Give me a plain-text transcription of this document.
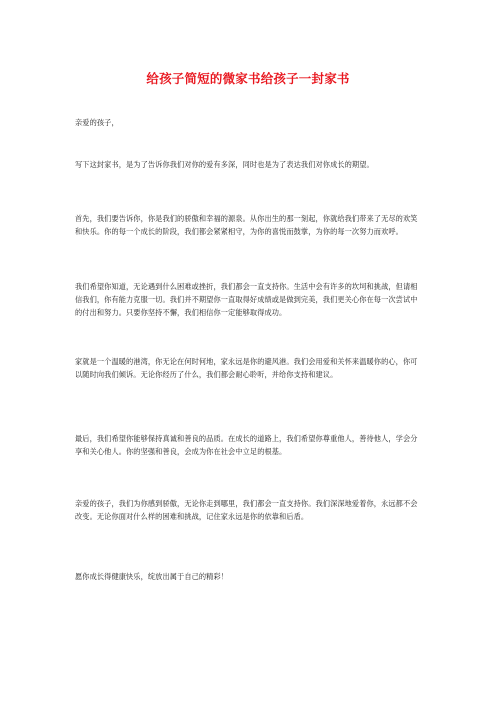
给孩子简短的微家书给孩子一封家书

亲爱的孩子，

写下这封家书，是为了告诉你我们对你的爱有多深，同时也是为了表达我们对你成长的期望。

首先，我们要告诉你，你是我们的骄傲和幸福的源泉。从你出生的那一刻起，你就给我们带来了无尽的欢笑和快乐。你的每一个成长的阶段，我们都会紧紧相守，为你的喜悦而鼓掌，为你的每一次努力而欢呼。

我们希望你知道，无论遇到什么困难或挫折，我们都会一直支持你。生活中会有许多的坎坷和挑战，但请相信我们，你有能力克服一切。我们并不期望你一直取得好成绩或是做到完美，我们更关心你在每一次尝试中的付出和努力。只要你坚持不懈，我们相信你一定能够取得成功。

家就是一个温暖的港湾，你无论在何时何地，家永远是你的避风港。我们会用爱和关怀来温暖你的心，你可以随时向我们倾诉。无论你经历了什么，我们都会耐心聆听，并给你支持和建议。

最后，我们希望你能够保持真诚和善良的品质。在成长的道路上，我们希望你尊重他人，善待他人，学会分享和关心他人。你的坚强和善良，会成为你在社会中立足的根基。

亲爱的孩子，我们为你感到骄傲，无论你走到哪里，我们都会一直支持你。我们深深地爱着你，永远都不会改变。无论你面对什么样的困难和挑战，记住家永远是你的依靠和后盾。

愿你成长得健康快乐，绽放出属于自己的精彩！
